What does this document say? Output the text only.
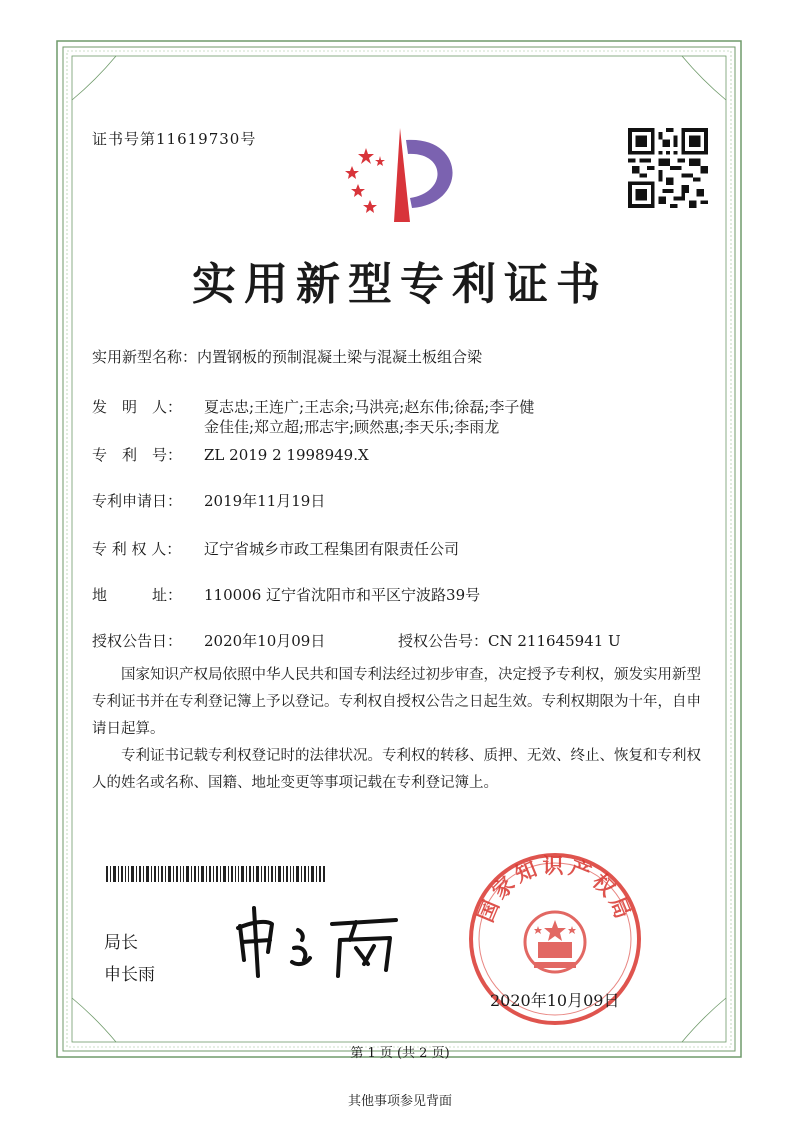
证书号第11619730号
实用新型专利证书
实用新型名称：内置钢板的预制混凝土梁与混凝土板组合梁
发　明　人： 夏志忠;王连广;王志余;马洪亮;赵东伟;徐磊;李子健
金佳佳;郑立超;邢志宇;顾然惠;李天乐;李雨龙
专　利　号： ZL 2019 2 1998949.X
专利申请日： 2019年11月19日
专 利 权 人： 辽宁省城乡市政工程集团有限责任公司
地　　　址： 110006 辽宁省沈阳市和平区宁波路39号
授权公告日： 2020年10月09日	授权公告号：CN 211645941 U

国家知识产权局依照中华人民共和国专利法经过初步审查，决定授予专利权，颁发实用新型专利证书并在专利登记簿上予以登记。专利权自授权公告之日起生效。专利权期限为十年，自申请日起算。

专利证书记载专利权登记时的法律状况。专利权的转移、质押、无效、终止、恢复和专利权人的姓名或名称、国籍、地址变更等事项记载在专利登记簿上。

局长
申长雨
国家知识产权局
2020年10月09日
第 1 页 (共 2 页)
其他事项参见背面
